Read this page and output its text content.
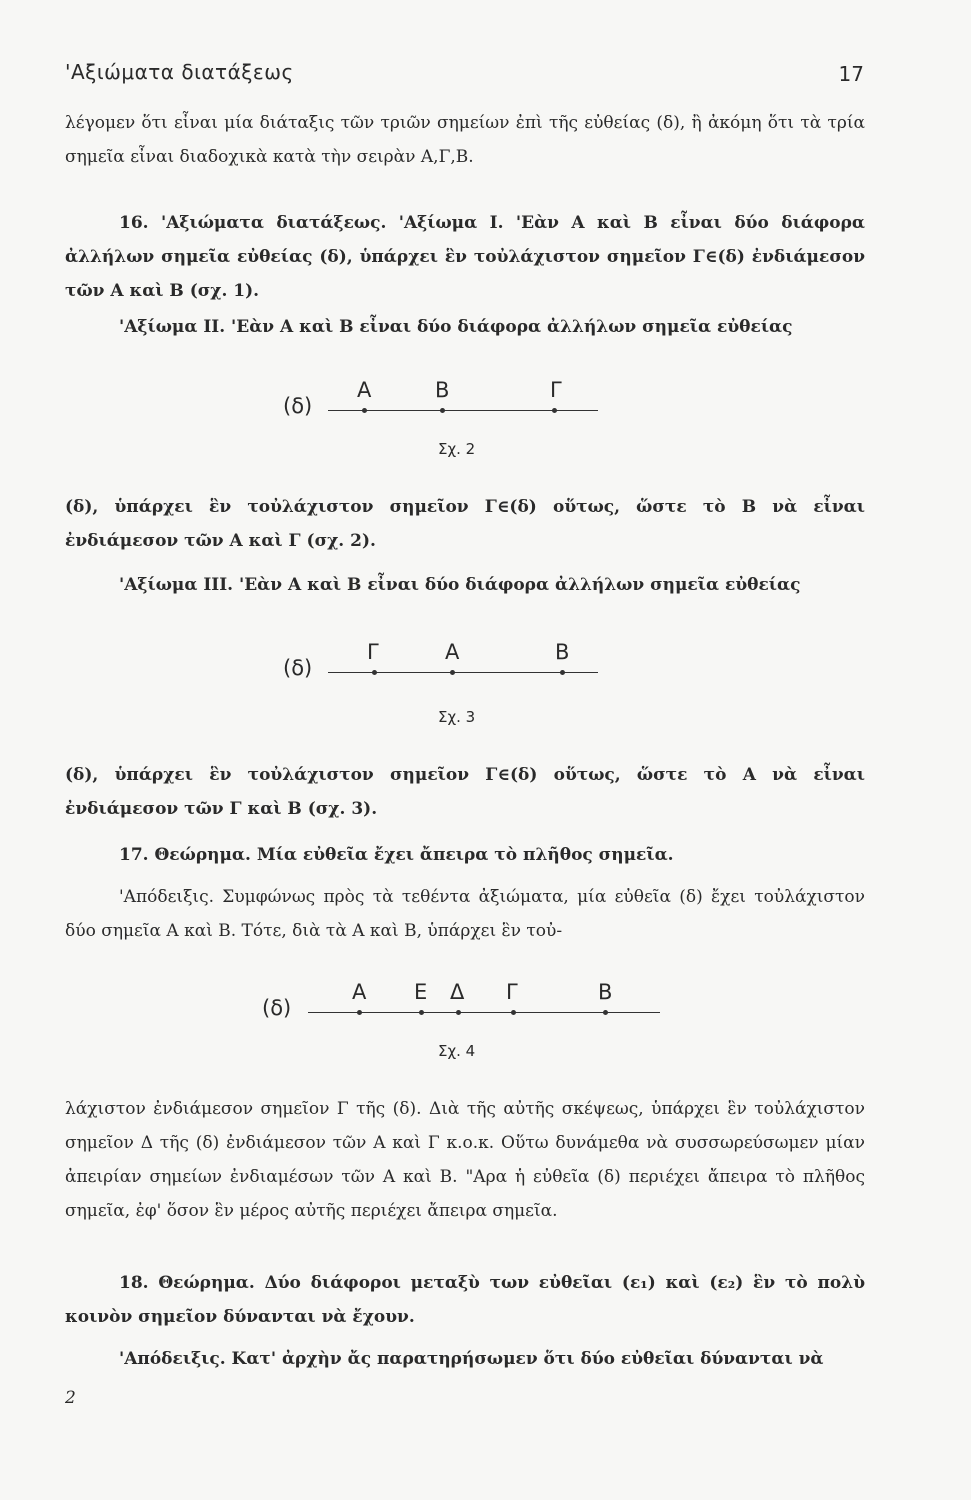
'Αξιώματα διατάξεως	17

λέγομεν ὅτι εἶναι μία διάταξις τῶν τριῶν σημείων ἐπὶ τῆς εὐθείας (δ), ἢ ἀκόμη ὅτι τὰ τρία σημεῖα εἶναι διαδοχικὰ κατὰ τὴν σειρὰν Α,Γ,Β.

16. 'Αξιώματα διατάξεως. 'Αξίωμα Ι. 'Εὰν Α καὶ Β εἶναι δύο διάφορα ἀλλήλων σημεῖα εὐθείας (δ), ὑπάρχει ἓν τοὐλάχιστον σημεῖον Γ∈(δ) ἐνδιάμεσον τῶν Α καὶ Β (σχ. 1).

'Αξίωμα ΙΙ. 'Εὰν Α καὶ Β εἶναι δύο διάφορα ἀλλήλων σημεῖα εὐθείας

(δ)
Α	Β	Γ
Σχ. 2

(δ), ὑπάρχει ἓν τοὐλάχιστον σημεῖον Γ∈(δ) οὕτως, ὥστε τὸ Β νὰ εἶναι ἐνδιάμεσον τῶν Α καὶ Γ (σχ. 2).

'Αξίωμα ΙΙΙ. 'Εὰν Α καὶ Β εἶναι δύο διάφορα ἀλλήλων σημεῖα εὐθείας

(δ)
Γ	Α	Β
Σχ. 3

(δ), ὑπάρχει ἓν τοὐλάχιστον σημεῖον Γ∈(δ) οὕτως, ὥστε τὸ Α νὰ εἶναι ἐνδιάμεσον τῶν Γ καὶ Β (σχ. 3).

17. Θεώρημα. Μία εὐθεῖα ἔχει ἄπειρα τὸ πλῆθος σημεῖα.

'Απόδειξις. Συμφώνως πρὸς τὰ τεθέντα ἀξιώματα, μία εὐθεῖα (δ) ἔχει τοὐλάχιστον δύο σημεῖα Α καὶ Β. Τότε, διὰ τὰ Α καὶ Β, ὑπάρχει ἓν τοὐ-

(δ)
Α Ε Δ Γ	Β
Σχ. 4

λάχιστον ἐνδιάμεσον σημεῖον Γ τῆς (δ). Διὰ τῆς αὐτῆς σκέψεως, ὑπάρχει ἓν τοὐλάχιστον σημεῖον Δ τῆς (δ) ἐνδιάμεσον τῶν Α καὶ Γ κ.ο.κ. Οὕτω δυνάμεθα νὰ συσσωρεύσωμεν μίαν ἀπειρίαν σημείων ἐνδιαμέσων τῶν Α καὶ Β. "Αρα ἡ εὐθεῖα (δ) περιέχει ἄπειρα τὸ πλῆθος σημεῖα, ἐφ' ὅσον ἓν μέρος αὐτῆς περιέχει ἄπειρα σημεῖα.

18. Θεώρημα. Δύο διάφοροι μεταξὺ των εὐθεῖαι (ε₁) καὶ (ε₂) ἓν τὸ πολὺ κοινὸν σημεῖον δύνανται νὰ ἔχουν.

'Απόδειξις. Κατ' ἀρχὴν ἄς παρατηρήσωμεν ὅτι δύο εὐθεῖαι δύνανται νὰ

2
